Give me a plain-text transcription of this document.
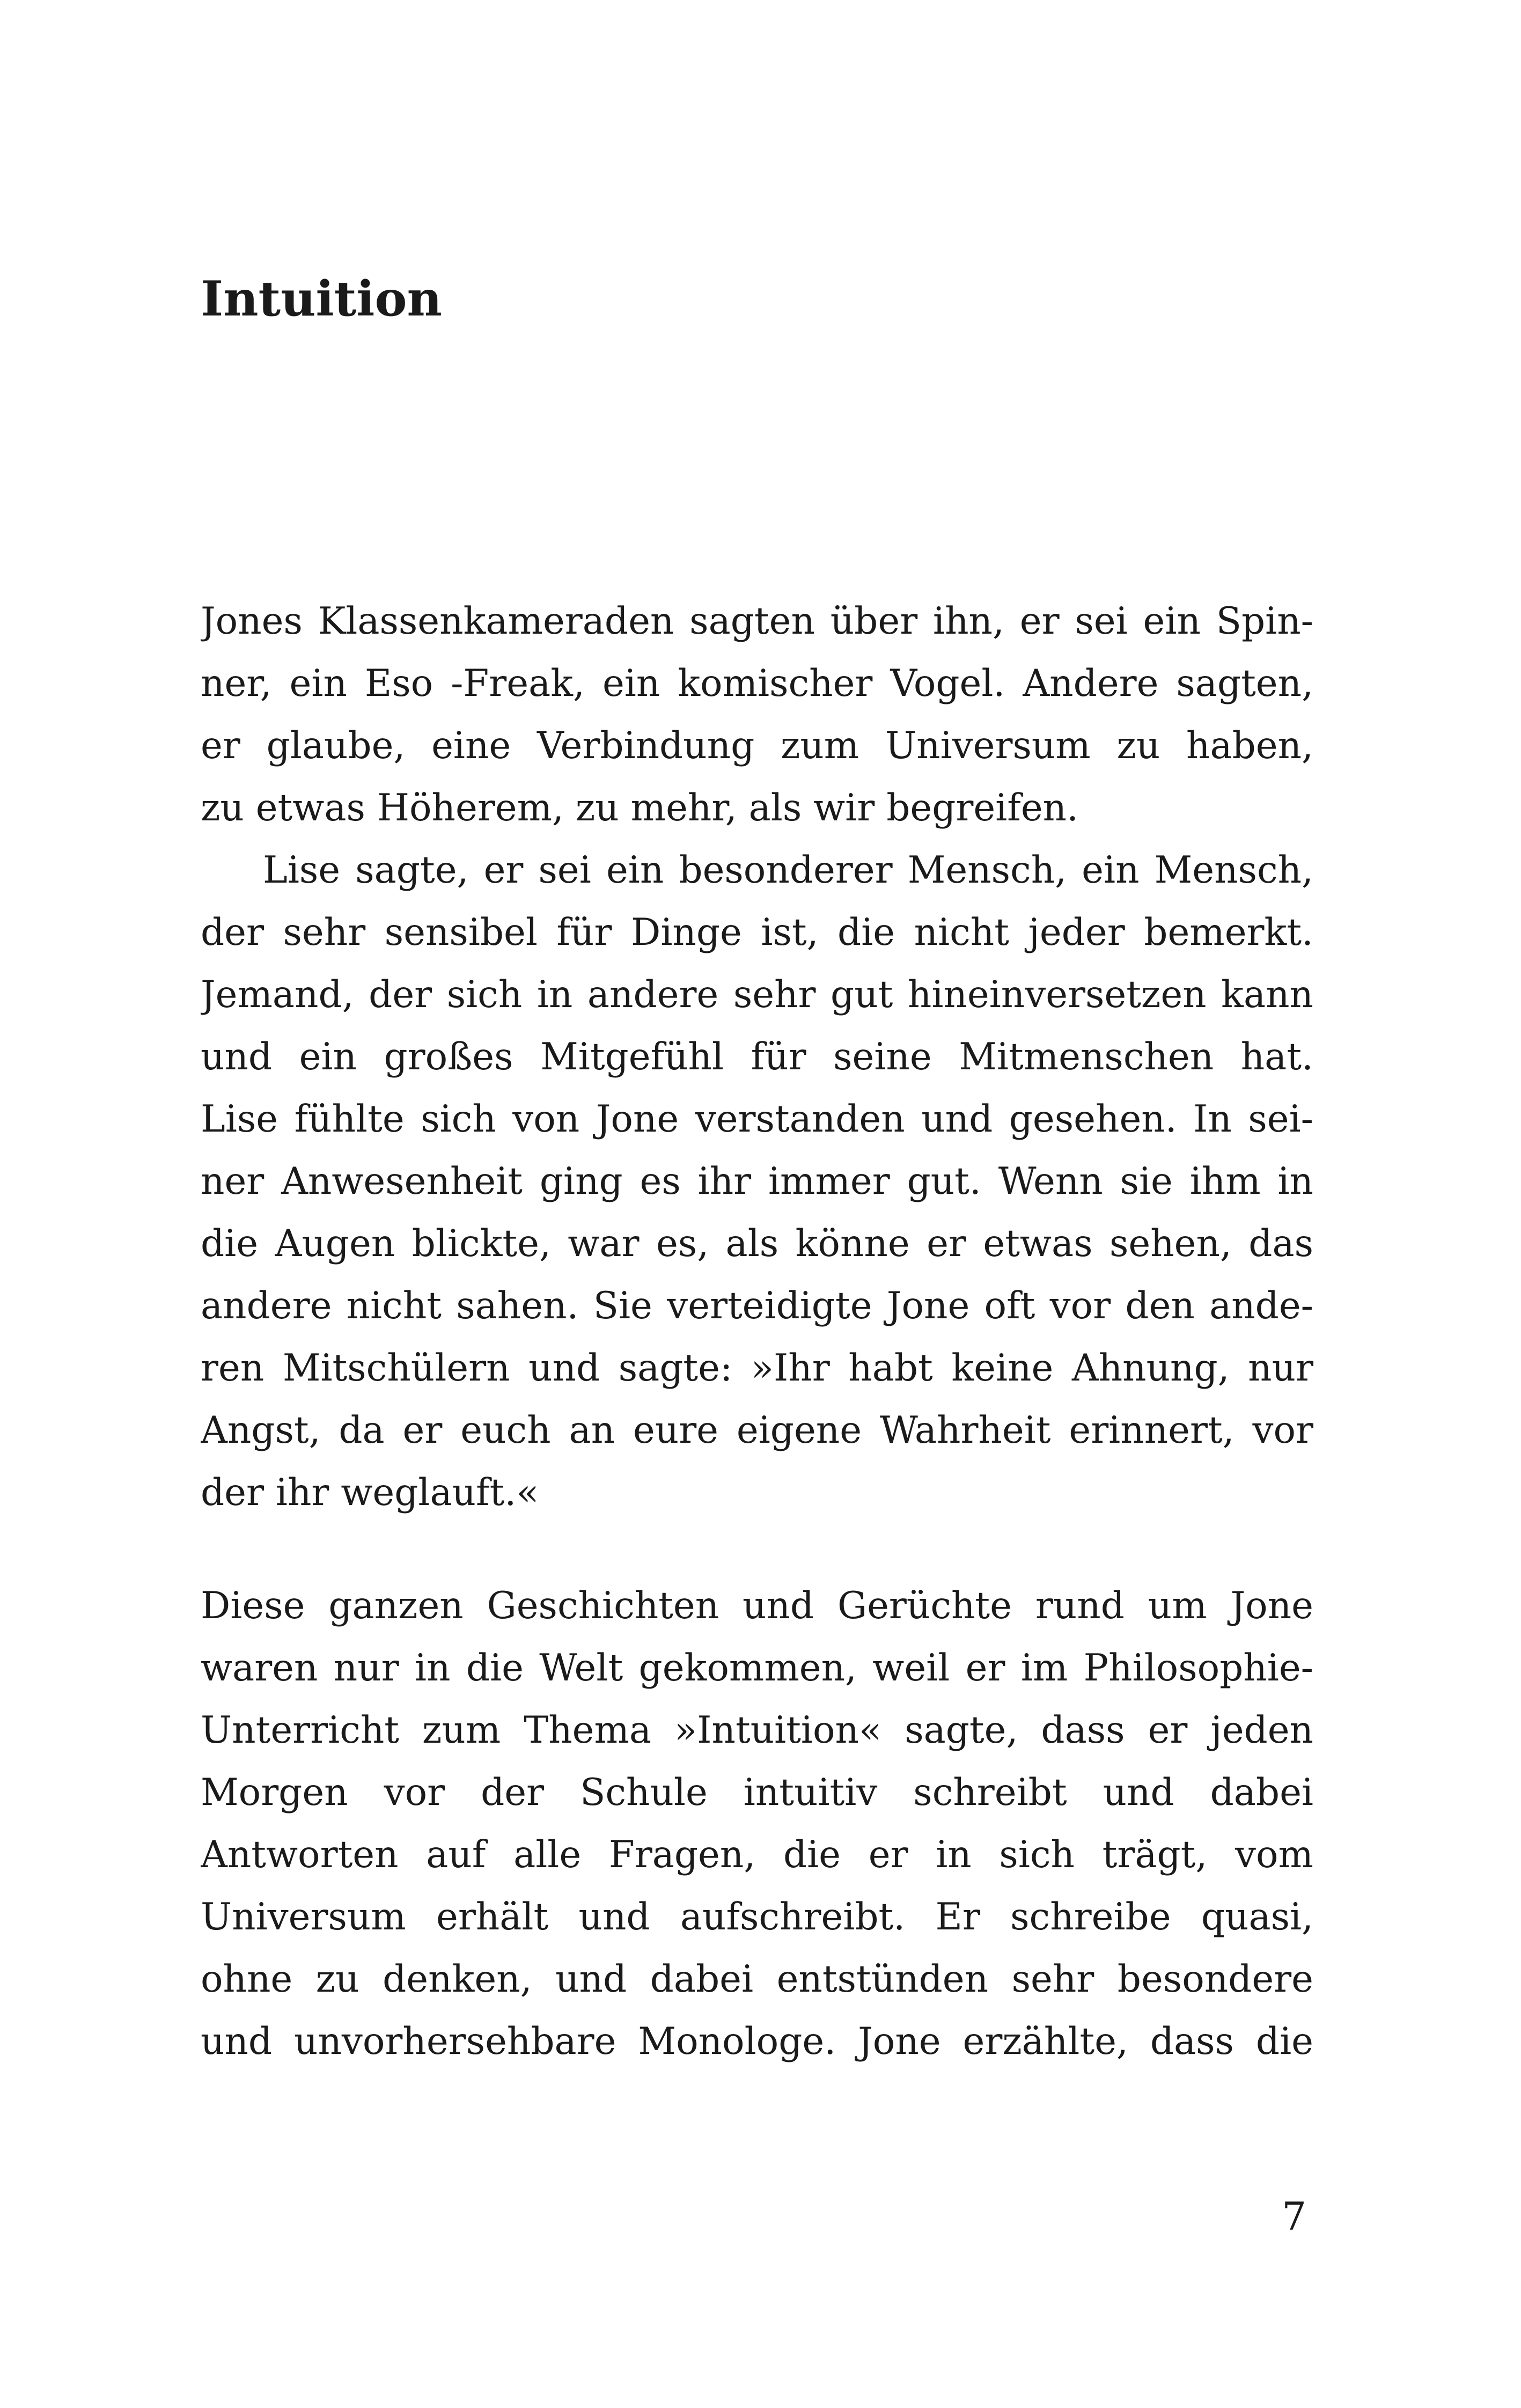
Intuition
Jones Klassenkameraden sagten über ihn, er sei ein Spin-
ner, ein Eso -Freak, ein komischer Vogel. Andere sagten,
er glaube, eine Verbindung zum Universum zu haben,
zu etwas Höherem, zu mehr, als wir begreifen.
Lise sagte, er sei ein besonderer Mensch, ein Mensch,
der sehr sensibel für Dinge ist, die nicht jeder bemerkt.
Jemand, der sich in andere sehr gut hineinversetzen kann
und ein großes Mitgefühl für seine Mitmenschen hat.
Lise fühlte sich von Jone verstanden und gesehen. In sei-
ner Anwesenheit ging es ihr immer gut. Wenn sie ihm in
die Augen blickte, war es, als könne er etwas sehen, das
andere nicht sahen. Sie verteidigte Jone oft vor den ande-
ren Mitschülern und sagte: »Ihr habt keine Ahnung, nur
Angst, da er euch an eure eigene Wahrheit erinnert, vor
der ihr weglauft.«
Diese ganzen Geschichten und Gerüchte rund um Jone
waren nur in die Welt gekommen, weil er im Philosophie-
Unterricht zum Thema »Intuition« sagte, dass er jeden
Morgen vor der Schule intuitiv schreibt und dabei
Antworten auf alle Fragen, die er in sich trägt, vom
Universum erhält und aufschreibt. Er schreibe quasi,
ohne zu denken, und dabei entstünden sehr besondere
und unvorhersehbare Monologe. Jone erzählte, dass die
7
